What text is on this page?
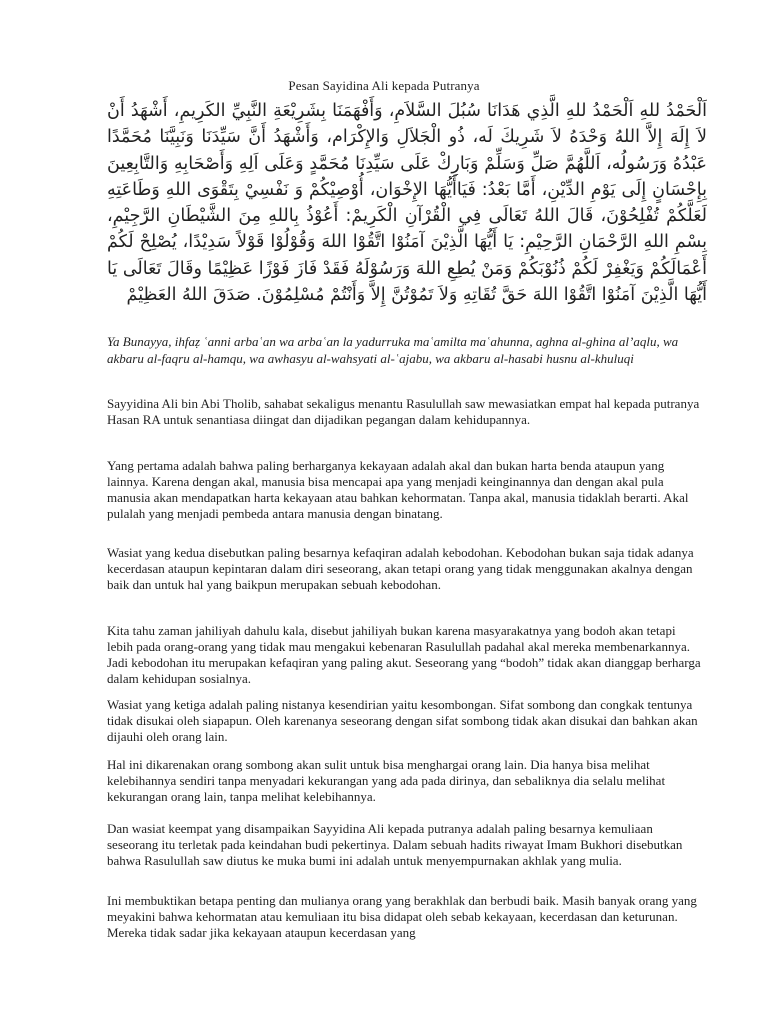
Pesan Sayidina Ali kepada Putranya

اَلْحَمْدُ للهِ اَلْحَمْدُ للهِ الَّذِي هَدَانَا سُبُلَ السَّلاَمِ، وَأَفْهَمَنَا بِشَرِيْعَةِ النَّبِيِّ الكَرِيمِ، أَشْهَدُ أَنْ لاَ إِلَهَ إِلاَّ اللهُ وَحْدَهُ لاَ شَرِيكَ لَه، ذُو الْجَلاَلِ وَالإِكْرَام، وَأَشْهَدُ أَنَّ سَيِّدَنَا وَنَبِيَّنَا مُحَمَّدًا عَبْدُهُ وَرَسُولُه، اَللَّهُمَّ صَلِّ وَسَلِّمْ وَبَارِكْ عَلَى سَيِّدِنَا مُحَمَّدٍ وَعَلَى اَلِهِ وَأَصْحَابِهِ وَالتَّابِعِينَ بِإِحْسَانٍ إِلَى يَوْمِ الدِّيْنِ، أَمَّا بَعْدُ: فَيَاأَيُّهَا الإِخْوَان، أُوْصِيْكُمْ وَ نَفْسِيْ بِتَقْوَى اللهِ وَطَاعَتِهِ لَعَلَّكُمْ تُفْلِحُوْنَ، قَالَ اللهُ تَعَالَى فِي الْقُرْآنِ الْكَرِيمْ: أَعُوْذُ بِاللهِ مِنَ الشَّيْطَانِ الرَّجِيْمِ، بِسْمِ اللهِ الرَّحْمَانِ الرَّحِيْمِ: يَا أَيُّهَا الَّذِيْنَ آمَنُوْا اتَّقُوْا اللهَ وَقُوْلُوْا قَوْلاً سَدِيْدًا، يُصْلِحْ لَكُمْ أَعْمَالَكُمْ وَيَغْفِرْ لَكُمْ ذُنُوْبَكُمْ وَمَنْ يُطِعِ اللهَ وَرَسُوْلَهُ فَقَدْ فَازَ فَوْزًا عَظِيْمًا وقَالَ تَعَالَى يَا أَيُّهَا الَّذِيْنَ آمَنُوْا اتَّقُوْا اللهَ حَقَّ تُقَاتِهِ وَلاَ تَمُوْتُنَّ إِلاَّ وَأَنْتُمْ مُسْلِمُوْنَ. صَدَقَ اللهُ العَظِيْمْ

Ya Bunayya, ihfaẓ ʿanni arbaʿan wa arbaʿan la yadurruka maʿamilta maʿahunna, aghna al-ghina al’aqlu, wa akbaru al-faqru al-hamqu, wa awhasyu al-wahsyati al-ʿajabu, wa akbaru al-hasabi husnu al-khuluqi

Sayyidina Ali bin Abi Tholib, sahabat sekaligus menantu Rasulullah saw mewasiatkan empat hal kepada putranya Hasan RA untuk senantiasa diingat dan dijadikan pegangan dalam kehidupannya.

Yang pertama adalah bahwa paling berharganya kekayaan adalah akal dan bukan harta benda ataupun yang lainnya. Karena dengan akal, manusia bisa mencapai apa yang menjadi keinginannya dan dengan akal pula manusia akan mendapatkan harta kekayaan atau bahkan kehormatan. Tanpa akal, manusia tidaklah berarti. Akal pulalah yang menjadi pembeda antara manusia dengan binatang.

Wasiat yang kedua disebutkan paling besarnya kefaqiran adalah kebodohan. Kebodohan bukan saja tidak adanya kecerdasan ataupun kepintaran dalam diri seseorang, akan tetapi orang yang tidak menggunakan akalnya dengan baik dan untuk hal yang baikpun merupakan sebuah kebodohan.

Kita tahu zaman jahiliyah dahulu kala, disebut jahiliyah bukan karena masyarakatnya yang bodoh akan tetapi lebih pada orang-orang yang tidak mau mengakui kebenaran Rasulullah padahal akal mereka membenarkannya. Jadi kebodohan itu merupakan kefaqiran yang paling akut. Seseorang yang “bodoh” tidak akan dianggap berharga dalam kehidupan sosialnya.

Wasiat yang ketiga adalah paling nistanya kesendirian yaitu kesombongan. Sifat sombong dan congkak tentunya tidak disukai oleh siapapun. Oleh karenanya seseorang dengan sifat sombong tidak akan disukai dan bahkan akan dijauhi oleh orang lain.

Hal ini dikarenakan orang sombong akan sulit untuk bisa menghargai orang lain. Dia hanya bisa melihat kelebihannya sendiri tanpa menyadari kekurangan yang ada pada dirinya, dan sebaliknya dia selalu melihat kekurangan orang lain, tanpa melihat kelebihannya.

Dan wasiat keempat yang disampaikan Sayyidina Ali kepada putranya adalah paling besarnya kemuliaan seseorang itu terletak pada keindahan budi pekertinya. Dalam sebuah hadits riwayat Imam Bukhori disebutkan bahwa Rasulullah saw diutus ke muka bumi ini adalah untuk menyempurnakan akhlak yang mulia.

Ini membuktikan betapa penting dan mulianya orang yang berakhlak dan berbudi baik. Masih banyak orang yang meyakini bahwa kehormatan atau kemuliaan itu bisa didapat oleh sebab kekayaan, kecerdasan dan keturunan. Mereka tidak sadar jika kekayaan ataupun kecerdasan yang
